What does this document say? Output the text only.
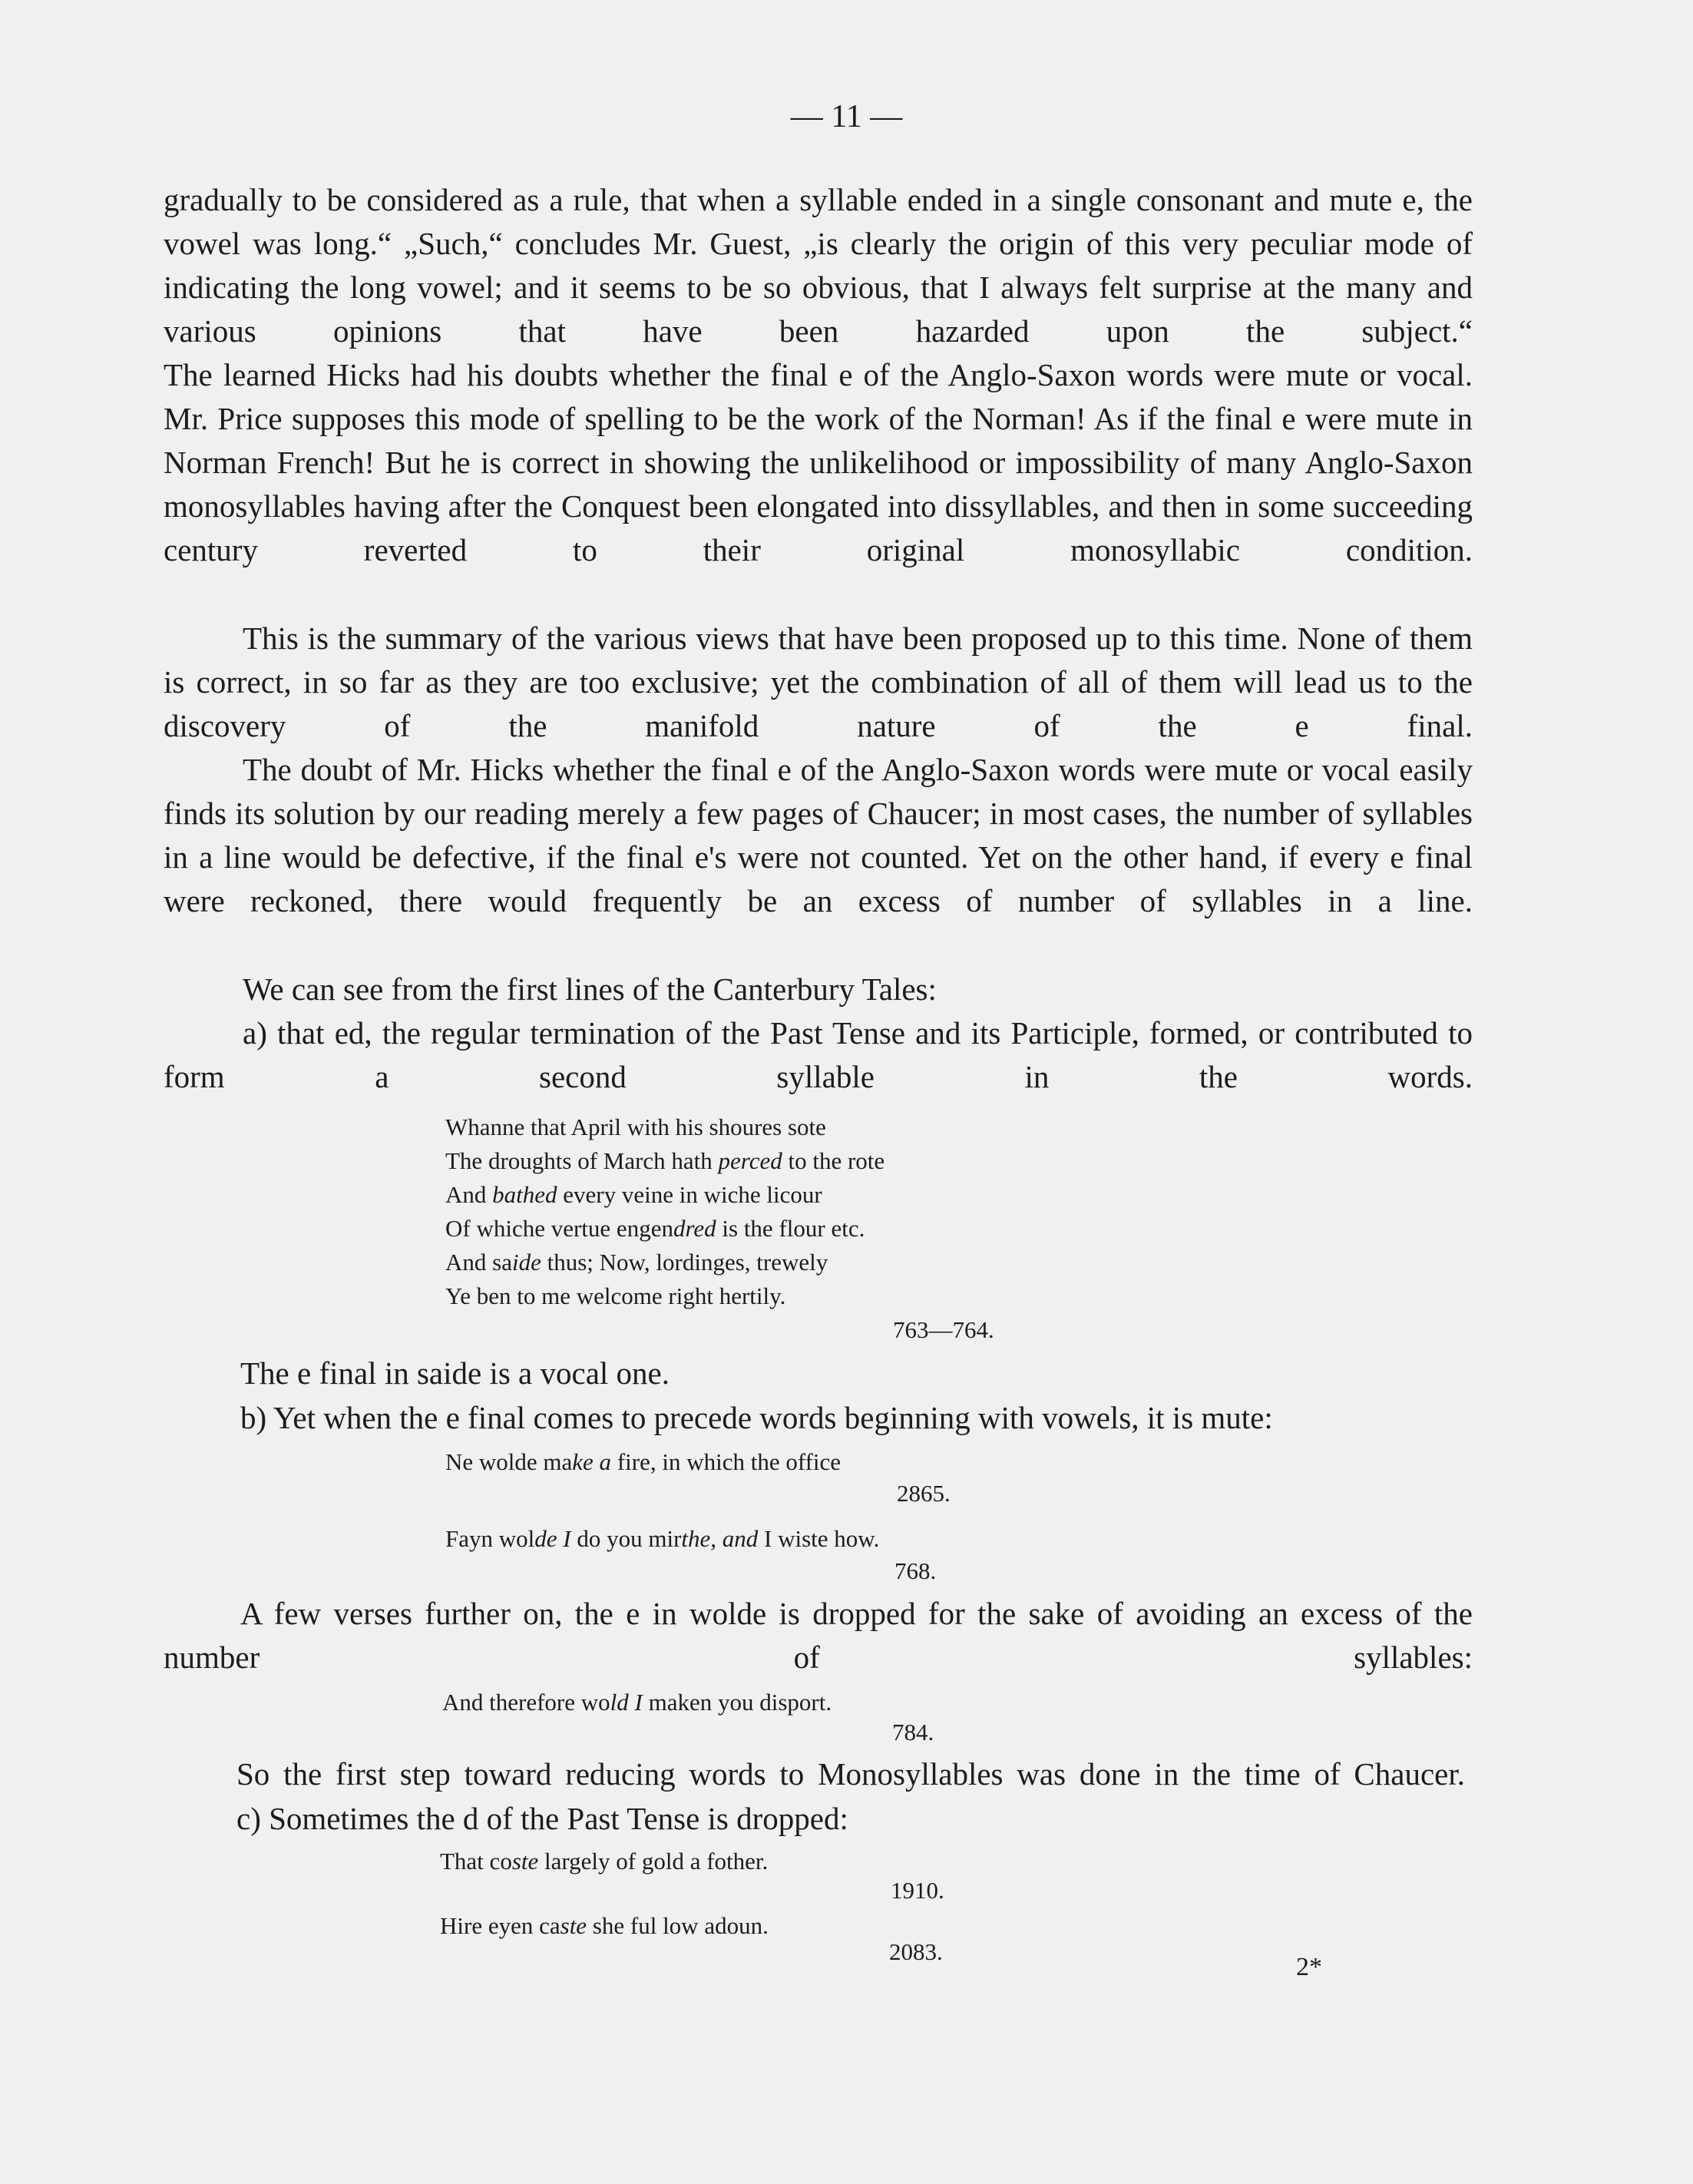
— 11 —

gradually to be considered as a rule, that when a syllable ended in a single consonant and mute e, the vowel was long.“ „Such,“ concludes Mr. Guest, „is clearly the origin of this very peculiar mode of indicating the long vowel; and it seems to be so obvious, that I always felt surprise at the many and various opinions that have been hazarded upon the subject.“

The learned Hicks had his doubts whether the final e of the Anglo-Saxon words were mute or vocal. Mr. Price supposes this mode of spelling to be the work of the Norman! As if the final e were mute in Norman French! But he is correct in showing the unlikelihood or impossibility of many Anglo-Saxon monosyllables having after the Conquest been elongated into dissyllables, and then in some succeeding century reverted to their original monosyllabic condition.

This is the summary of the various views that have been proposed up to this time. None of them is correct, in so far as they are too exclusive; yet the combination of all of them will lead us to the discovery of the manifold nature of the e final.

The doubt of Mr. Hicks whether the final e of the Anglo-Saxon words were mute or vocal easily finds its solution by our reading merely a few pages of Chaucer; in most cases, the number of syllables in a line would be defective, if the final e's were not counted. Yet on the other hand, if every e final were reckoned, there would frequently be an excess of number of syllables in a line.

We can see from the first lines of the Canterbury Tales:

a) that ed, the regular termination of the Past Tense and its Participle, formed, or contributed to form a second syllable in the words.

Whanne that April with his shoures sote
The droughts of March hath perced to the rote
And bathed every veine in wiche licour
Of whiche vertue engendred is the flour etc.
And saide thus; Now, lordinges, trewely
Ye ben to me welcome right hertily.
763—764.

The e final in saide is a vocal one.

b) Yet when the e final comes to precede words beginning with vowels, it is mute:

Ne wolde make a fire, in which the office
2865.
Fayn wolde I do you mirthe, and I wiste how.
768.

A few verses further on, the e in wolde is dropped for the sake of avoiding an excess of the number of syllables:

And therefore wold I maken you disport.
784.

So the first step toward reducing words to Monosyllables was done in the time of Chaucer.

c) Sometimes the d of the Past Tense is dropped:

That coste largely of gold a fother.
1910.
Hire eyen caste she ful low adoun.
2083.
2*
